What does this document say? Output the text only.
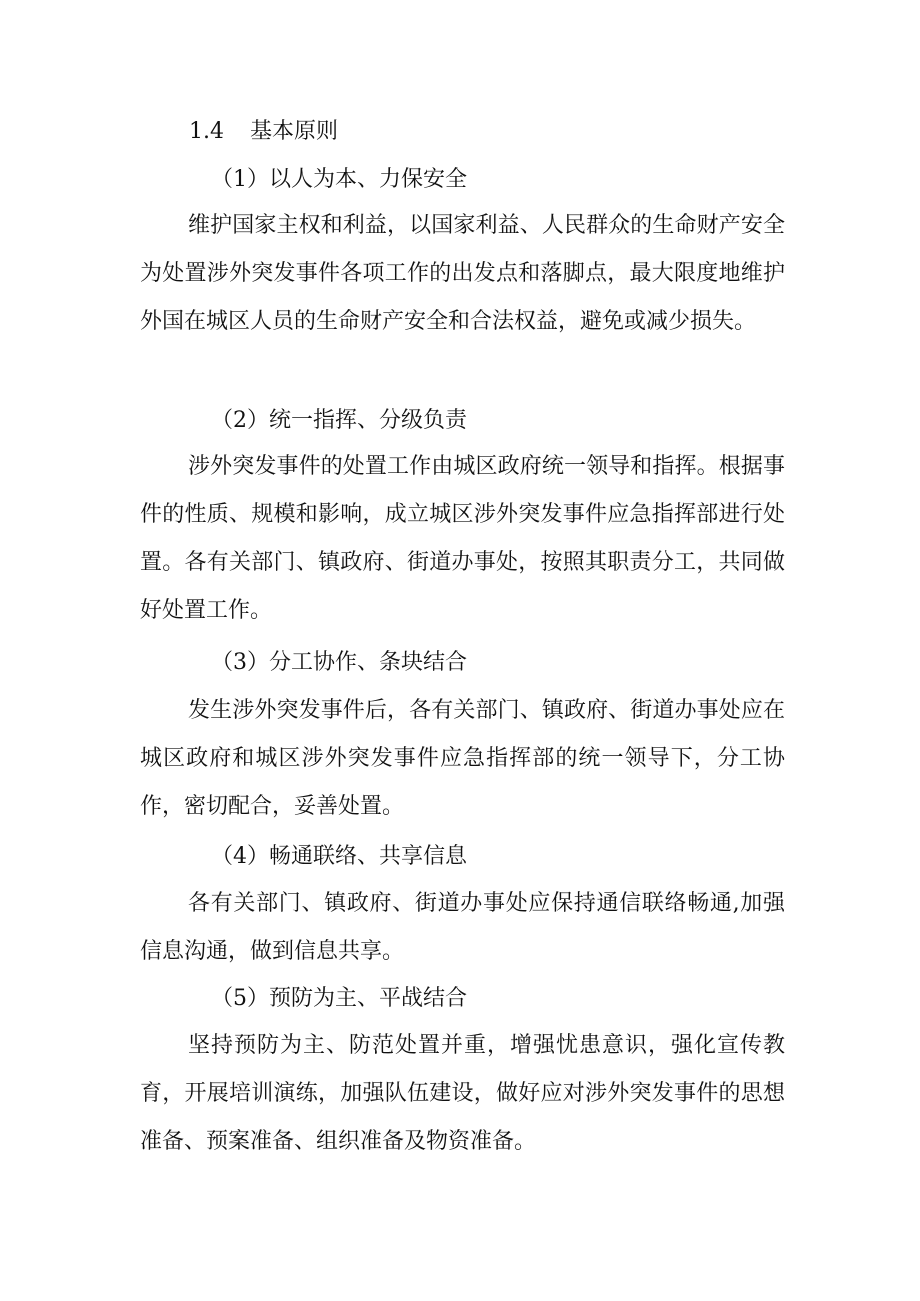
1.4 基本原则
（1）以人为本、力保安全
维护国家主权和利益，以国家利益、人民群众的生命财产安全为处置涉外突发事件各项工作的出发点和落脚点，最大限度地维护外国在城区人员的生命财产安全和合法权益，避免或减少损失。
（2）统一指挥、分级负责
涉外突发事件的处置工作由城区政府统一领导和指挥。根据事件的性质、规模和影响，成立城区涉外突发事件应急指挥部进行处置。各有关部门、镇政府、街道办事处，按照其职责分工，共同做好处置工作。
（3）分工协作、条块结合
发生涉外突发事件后，各有关部门、镇政府、街道办事处应在城区政府和城区涉外突发事件应急指挥部的统一领导下，分工协作，密切配合，妥善处置。
（4）畅通联络、共享信息
各有关部门、镇政府、街道办事处应保持通信联络畅通,加强信息沟通，做到信息共享。
（5）预防为主、平战结合
坚持预防为主、防范处置并重，增强忧患意识，强化宣传教育，开展培训演练，加强队伍建设，做好应对涉外突发事件的思想准备、预案准备、组织准备及物资准备。
